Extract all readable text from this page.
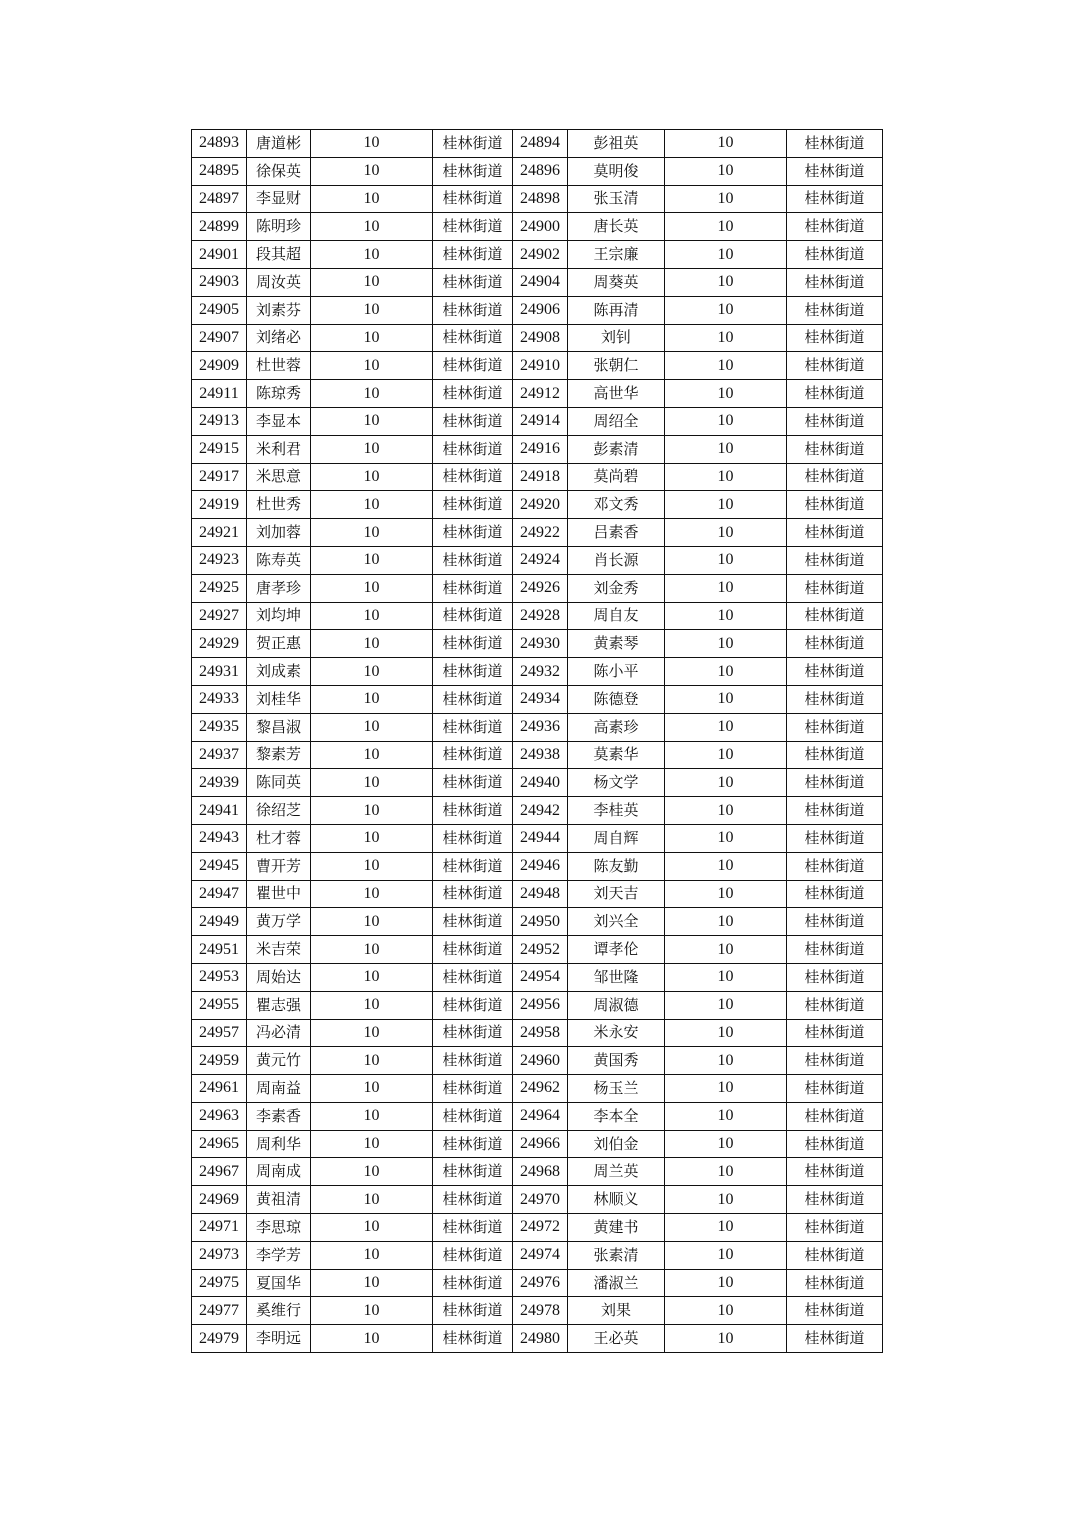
24893	唐道彬	10	桂林街道	24894	彭祖英	10	桂林街道
24895	徐保英	10	桂林街道	24896	莫明俊	10	桂林街道
24897	李显财	10	桂林街道	24898	张玉清	10	桂林街道
24899	陈明珍	10	桂林街道	24900	唐长英	10	桂林街道
24901	段其超	10	桂林街道	24902	王宗廉	10	桂林街道
24903	周汝英	10	桂林街道	24904	周葵英	10	桂林街道
24905	刘素芬	10	桂林街道	24906	陈再清	10	桂林街道
24907	刘绪必	10	桂林街道	24908	刘钊	10	桂林街道
24909	杜世蓉	10	桂林街道	24910	张朝仁	10	桂林街道
24911	陈琼秀	10	桂林街道	24912	高世华	10	桂林街道
24913	李显本	10	桂林街道	24914	周绍全	10	桂林街道
24915	米利君	10	桂林街道	24916	彭素清	10	桂林街道
24917	米思意	10	桂林街道	24918	莫尚碧	10	桂林街道
24919	杜世秀	10	桂林街道	24920	邓文秀	10	桂林街道
24921	刘加蓉	10	桂林街道	24922	吕素香	10	桂林街道
24923	陈寿英	10	桂林街道	24924	肖长源	10	桂林街道
24925	唐孝珍	10	桂林街道	24926	刘金秀	10	桂林街道
24927	刘均坤	10	桂林街道	24928	周自友	10	桂林街道
24929	贺正惠	10	桂林街道	24930	黄素琴	10	桂林街道
24931	刘成素	10	桂林街道	24932	陈小平	10	桂林街道
24933	刘桂华	10	桂林街道	24934	陈德登	10	桂林街道
24935	黎昌淑	10	桂林街道	24936	高素珍	10	桂林街道
24937	黎素芳	10	桂林街道	24938	莫素华	10	桂林街道
24939	陈同英	10	桂林街道	24940	杨文学	10	桂林街道
24941	徐绍芝	10	桂林街道	24942	李桂英	10	桂林街道
24943	杜才蓉	10	桂林街道	24944	周自辉	10	桂林街道
24945	曹开芳	10	桂林街道	24946	陈友勤	10	桂林街道
24947	瞿世中	10	桂林街道	24948	刘天吉	10	桂林街道
24949	黄万学	10	桂林街道	24950	刘兴全	10	桂林街道
24951	米吉荣	10	桂林街道	24952	谭孝伦	10	桂林街道
24953	周始达	10	桂林街道	24954	邹世隆	10	桂林街道
24955	瞿志强	10	桂林街道	24956	周淑德	10	桂林街道
24957	冯必清	10	桂林街道	24958	米永安	10	桂林街道
24959	黄元竹	10	桂林街道	24960	黄国秀	10	桂林街道
24961	周南益	10	桂林街道	24962	杨玉兰	10	桂林街道
24963	李素香	10	桂林街道	24964	李本全	10	桂林街道
24965	周利华	10	桂林街道	24966	刘伯金	10	桂林街道
24967	周南成	10	桂林街道	24968	周兰英	10	桂林街道
24969	黄祖清	10	桂林街道	24970	林顺义	10	桂林街道
24971	李思琼	10	桂林街道	24972	黄建书	10	桂林街道
24973	李学芳	10	桂林街道	24974	张素清	10	桂林街道
24975	夏国华	10	桂林街道	24976	潘淑兰	10	桂林街道
24977	奚维行	10	桂林街道	24978	刘果	10	桂林街道
24979	李明远	10	桂林街道	24980	王必英	10	桂林街道
